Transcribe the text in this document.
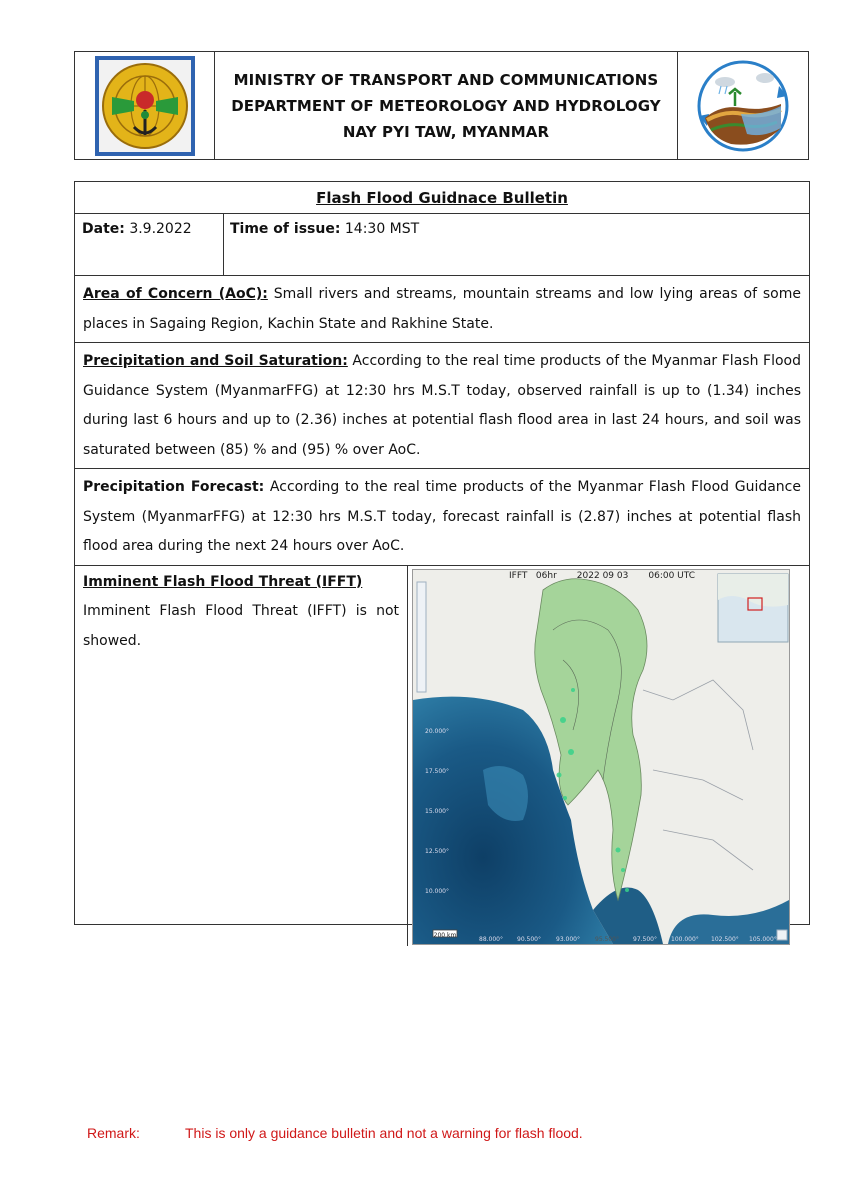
MINISTRY OF TRANSPORT AND COMMUNICATIONS
DEPARTMENT OF METEOROLOGY AND HYDROLOGY
NAY PYI TAW, MYANMAR
Flash Flood Guidnace Bulletin
Date: 3.9.2022	Time of issue: 14:30 MST
Area of Concern (AoC): Small rivers and streams, mountain streams and low lying areas of some places in Sagaing Region, Kachin State and Rakhine State.
Precipitation and Soil Saturation: According to the real time products of the Myanmar Flash Flood Guidance System (MyanmarFFG) at 12:30 hrs M.S.T today, observed rainfall is up to (1.34) inches during last 6 hours and up to (2.36) inches at potential flash flood area in last 24 hours, and soil was saturated between (85) % and (95) % over AoC.
Precipitation Forecast: According to the real time products of the Myanmar Flash Flood Guidance System (MyanmarFFG) at 12:30 hrs M.S.T today, forecast rainfall is (2.87) inches at potential flash flood area during the next 24 hours over AoC.
Imminent Flash Flood Threat (IFFT)
Imminent Flash Flood Threat (IFFT) is not showed.
IFFT   06hr       2022 09 03       06:00 UTC
200 km
20.000°
17.500°
15.000°
12.500°
10.000°
88.000° 90.500°	93.000°	95.500° 97.500° 100.000° 102.500° 105.000°
Remark:	This is only a guidance bulletin and not a warning for flash flood.
